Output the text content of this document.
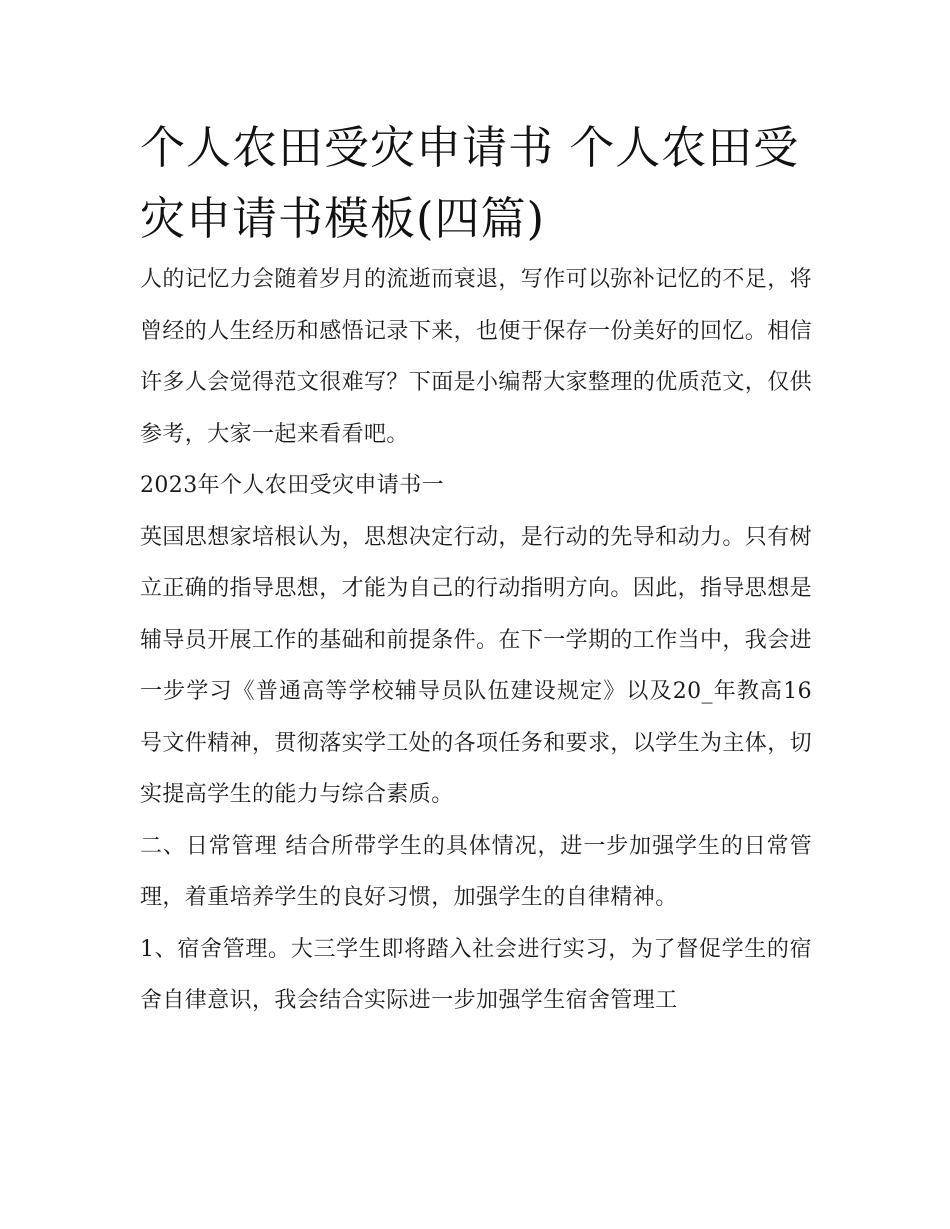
个人农田受灾申请书 个人农田受灾申请书模板(四篇)

人的记忆力会随着岁月的流逝而衰退，写作可以弥补记忆的不足，将曾经的人生经历和感悟记录下来，也便于保存一份美好的回忆。相信许多人会觉得范文很难写？下面是小编帮大家整理的优质范文，仅供参考，大家一起来看看吧。

2023年个人农田受灾申请书一

英国思想家培根认为，思想决定行动，是行动的先导和动力。只有树立正确的指导思想，才能为自己的行动指明方向。因此，指导思想是辅导员开展工作的基础和前提条件。在下一学期的工作当中，我会进一步学习《普通高等学校辅导员队伍建设规定》以及20_年教高16号文件精神，贯彻落实学工处的各项任务和要求，以学生为主体，切实提高学生的能力与综合素质。

二、日常管理 结合所带学生的具体情况，进一步加强学生的日常管理，着重培养学生的良好习惯，加强学生的自律精神。

1、宿舍管理。大三学生即将踏入社会进行实习，为了督促学生的宿舍自律意识，我会结合实际进一步加强学生宿舍管理工
